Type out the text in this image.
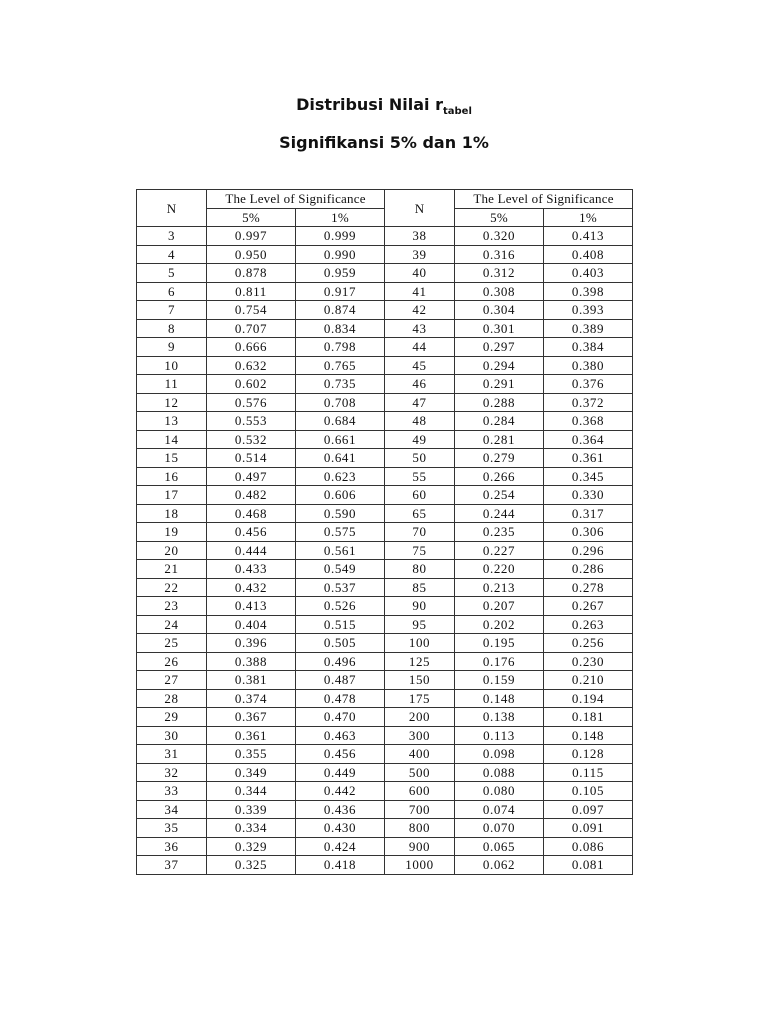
Distribusi Nilai $r_{tabel}$
Signifikansi 5% dan 1%
N	The Level of Significance		N	The Level of Significance	
	5%	1%		5%	1%
3	0.997	0.999	38	0.320	0.413
4	0.950	0.990	39	0.316	0.408
5	0.878	0.959	40	0.312	0.403
6	0.811	0.917	41	0.308	0.398
7	0.754	0.874	42	0.304	0.393
8	0.707	0.834	43	0.301	0.389
9	0.666	0.798	44	0.297	0.384
10	0.632	0.765	45	0.294	0.380
11	0.602	0.735	46	0.291	0.376
12	0.576	0.708	47	0.288	0.372
13	0.553	0.684	48	0.284	0.368
14	0.532	0.661	49	0.281	0.364
15	0.514	0.641	50	0.279	0.361
16	0.497	0.623	55	0.266	0.345
17	0.482	0.606	60	0.254	0.330
18	0.468	0.590	65	0.244	0.317
19	0.456	0.575	70	0.235	0.306
20	0.444	0.561	75	0.227	0.296
21	0.433	0.549	80	0.220	0.286
22	0.432	0.537	85	0.213	0.278
23	0.413	0.526	90	0.207	0.267
24	0.404	0.515	95	0.202	0.263
25	0.396	0.505	100	0.195	0.256
26	0.388	0.496	125	0.176	0.230
27	0.381	0.487	150	0.159	0.210
28	0.374	0.478	175	0.148	0.194
29	0.367	0.470	200	0.138	0.181
30	0.361	0.463	300	0.113	0.148
31	0.355	0.456	400	0.098	0.128
32	0.349	0.449	500	0.088	0.115
33	0.344	0.442	600	0.080	0.105
34	0.339	0.436	700	0.074	0.097
35	0.334	0.430	800	0.070	0.091
36	0.329	0.424	900	0.065	0.086
37	0.325	0.418	1000	0.062	0.081
